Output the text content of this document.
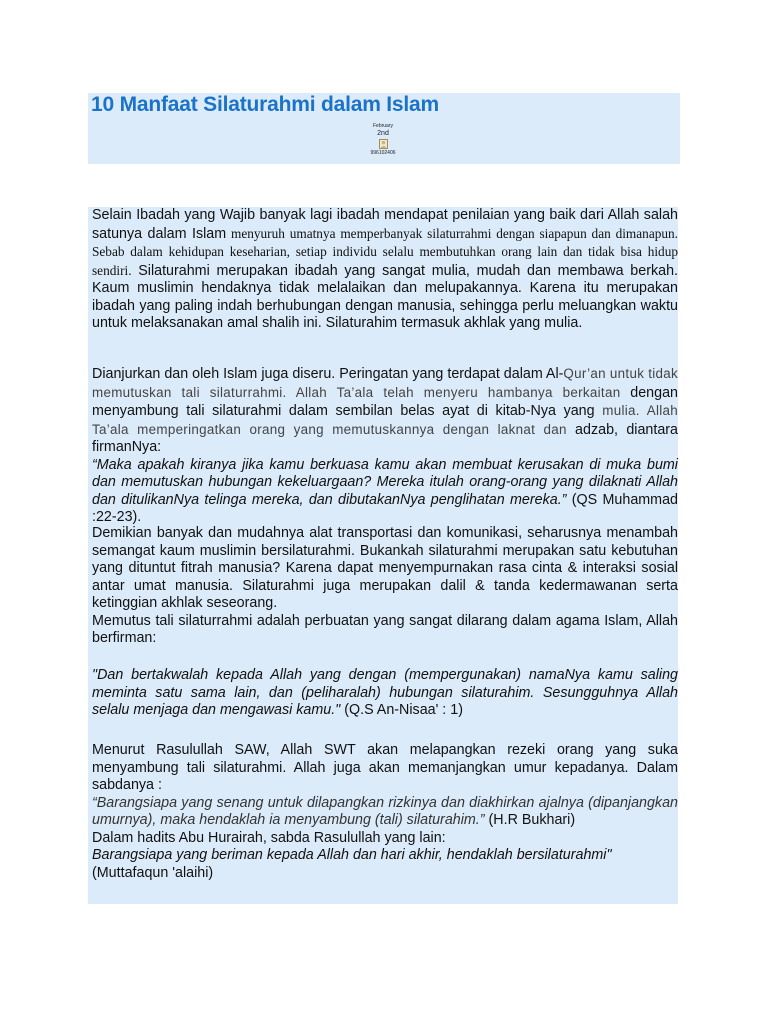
10 Manfaat Silaturahmi dalam Islam
February
2nd
996102406

Selain Ibadah yang Wajib banyak lagi ibadah mendapat penilaian yang baik dari Allah salah satunya dalam Islam menyuruh umatnya memperbanyak silaturrahmi dengan siapapun dan dimanapun. Sebab dalam kehidupan keseharian, setiap individu selalu membutuhkan orang lain dan tidak bisa hidup sendiri. Silaturahmi merupakan ibadah yang sangat mulia, mudah dan membawa berkah. Kaum muslimin hendaknya tidak melalaikan dan melupakannya. Karena itu merupakan ibadah yang paling indah berhubungan dengan manusia, sehingga perlu meluangkan waktu untuk melaksanakan amal shalih ini. Silaturahim termasuk akhlak yang mulia.

Dianjurkan dan oleh Islam juga diseru. Peringatan yang terdapat dalam Al-Qur’an untuk tidak memutuskan tali silaturrahmi. Allah Ta’ala telah menyeru hambanya berkaitan dengan menyambung tali silaturahmi dalam sembilan belas ayat di kitab-Nya yang mulia. Allah Ta’ala memperingatkan orang yang memutuskannya dengan laknat dan adzab, diantara firmanNya:
“Maka apakah kiranya jika kamu berkuasa kamu akan membuat kerusakan di muka bumi dan memutuskan hubungan kekeluargaan? Mereka itulah orang-orang yang dilaknati Allah dan ditulikanNya telinga mereka, dan dibutakanNya penglihatan mereka.” (QS Muhammad :22-23).

Demikian banyak dan mudahnya alat transportasi dan komunikasi, seharusnya menambah semangat kaum muslimin bersilaturahmi. Bukankah silaturahmi merupakan satu kebutuhan yang dituntut fitrah manusia? Karena dapat menyempurnakan rasa cinta & interaksi sosial antar umat manusia. Silaturahmi juga merupakan dalil & tanda kedermawanan serta ketinggian akhlak seseorang.
Memutus tali silaturrahmi adalah perbuatan yang sangat dilarang dalam agama Islam, Allah berfirman:

"Dan bertakwalah kepada Allah yang dengan (mempergunakan) namaNya kamu saling meminta satu sama lain, dan (peliharalah) hubungan silaturahim. Sesungguhnya Allah selalu menjaga dan mengawasi kamu." (Q.S An-Nisaa' : 1)

Menurut Rasulullah SAW, Allah SWT akan melapangkan rezeki orang yang suka menyambung tali silaturahmi. Allah juga akan memanjangkan umur kepadanya. Dalam sabdanya :
“Barangsiapa yang senang untuk dilapangkan rizkinya dan diakhirkan ajalnya (dipanjangkan umurnya), maka hendaklah ia menyambung (tali) silaturahim.” (H.R Bukhari)
Dalam hadits Abu Hurairah, sabda Rasulullah yang lain:
Barangsiapa yang beriman kepada Allah dan hari akhir, hendaklah bersilaturahmi"
(Muttafaqun 'alaihi)
